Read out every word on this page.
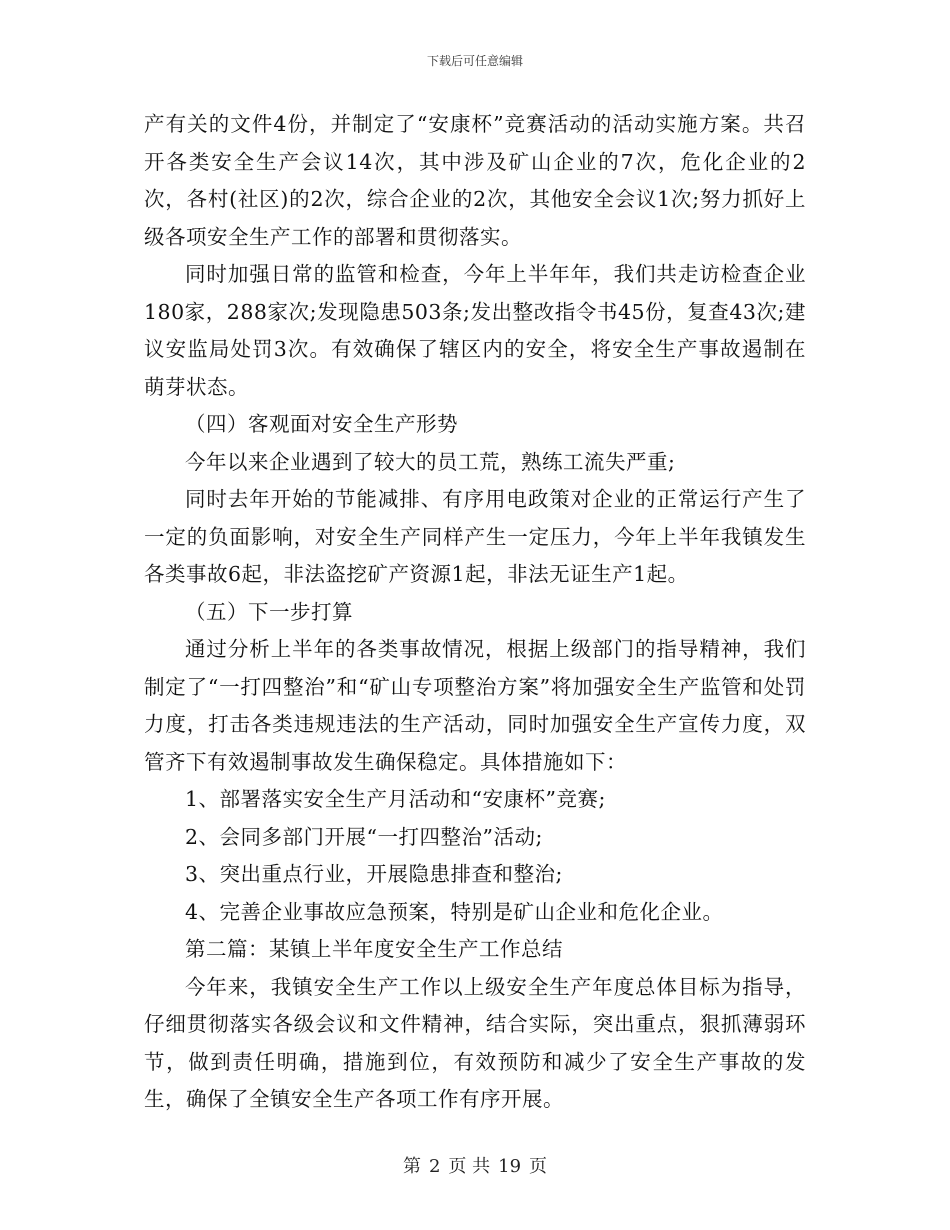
下载后可任意编辑

产有关的文件4份，并制定了“安康杯”竞赛活动的活动实施方案。共召开各类安全生产会议14次，其中涉及矿山企业的7次，危化企业的2次，各村(社区)的2次，综合企业的2次，其他安全会议1次;努力抓好上级各项安全生产工作的部署和贯彻落实。

同时加强日常的监管和检查，今年上半年年，我们共走访检查企业180家，288家次;发现隐患503条;发出整改指令书45份，复查43次;建议安监局处罚3次。有效确保了辖区内的安全，将安全生产事故遏制在萌芽状态。

（四）客观面对安全生产形势

今年以来企业遇到了较大的员工荒，熟练工流失严重;

同时去年开始的节能减排、有序用电政策对企业的正常运行产生了一定的负面影响，对安全生产同样产生一定压力，今年上半年我镇发生各类事故6起，非法盗挖矿产资源1起，非法无证生产1起。

（五）下一步打算

通过分析上半年的各类事故情况，根据上级部门的指导精神，我们制定了“一打四整治”和“矿山专项整治方案”将加强安全生产监管和处罚力度，打击各类违规违法的生产活动，同时加强安全生产宣传力度，双管齐下有效遏制事故发生确保稳定。具体措施如下：

1、部署落实安全生产月活动和“安康杯”竞赛;

2、会同多部门开展“一打四整治”活动;

3、突出重点行业，开展隐患排查和整治;

4、完善企业事故应急预案，特别是矿山企业和危化企业。

第二篇：某镇上半年度安全生产工作总结

今年来，我镇安全生产工作以上级安全生产年度总体目标为指导，仔细贯彻落实各级会议和文件精神，结合实际，突出重点，狠抓薄弱环节，做到责任明确，措施到位，有效预防和减少了安全生产事故的发生，确保了全镇安全生产各项工作有序开展。

第 2 页 共 19 页
